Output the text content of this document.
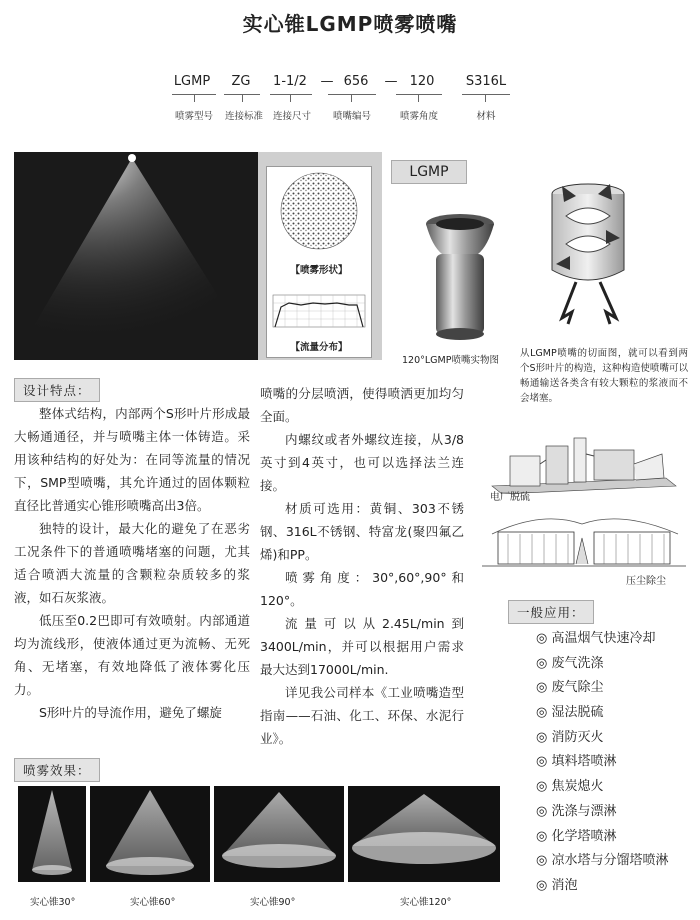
实心锥LGMP喷雾喷嘴
LGMP	ZG	1-1/2	— 656	— 120	S316L
喷雾型号	连接标准	连接尺寸	喷嘴编号	喷雾角度	材料
【喷雾形状】
【流量分布】
LGMP
120°LGMP喷嘴实物图
从LGMP喷嘴的切面图，就可以看到两个S形叶片的构造，这种构造使喷嘴可以畅通输送各类含有较大颗粒的浆液而不会堵塞。
设计特点：

整体式结构，内部两个S形叶片形成最大畅通通径，并与喷嘴主体一体铸造。采用该种结构的好处为：在同等流量的情况下，SMP型喷嘴，其允许通过的固体颗粒直径比普通实心锥形喷嘴高出3倍。

独特的设计，最大化的避免了在恶劣工况条件下的普通喷嘴堵塞的问题，尤其适合喷洒大流量的含颗粒杂质较多的浆液，如石灰浆液。

低压至0.2巴即可有效喷射。内部通道均为流线形，使液体通过更为流畅、无死角、无堵塞，有效地降低了液体雾化压力。

S形叶片的导流作用，避免了螺旋

喷嘴的分层喷洒，使得喷洒更加均匀全面。

内螺纹或者外螺纹连接，从3/8英寸到4英寸，也可以选择法兰连接。

材质可选用：黄铜、303不锈钢、316L不锈钢、特富龙(聚四氟乙烯)和PP。

喷雾角度：30°,60°,90°和120°。

流量可以从2.45L/min到3400L/min，并可以根据用户需求最大达到17000L/min.

详见我公司样本《工业喷嘴造型指南——石油、化工、环保、水泥行业》。

电厂脱硫
压尘除尘
一般应用：
◎ 高温烟气快速冷却
◎ 废气洗涤
◎ 废气除尘
◎ 湿法脱硫
◎ 消防灭火
◎ 填料塔喷淋
◎ 焦炭熄火
◎ 洗涤与漂淋
◎ 化学塔喷淋
◎ 凉水塔与分馏塔喷淋
◎ 消泡
喷雾效果：
实心锥30°	实心锥60°	实心锥90°	实心锥120°
